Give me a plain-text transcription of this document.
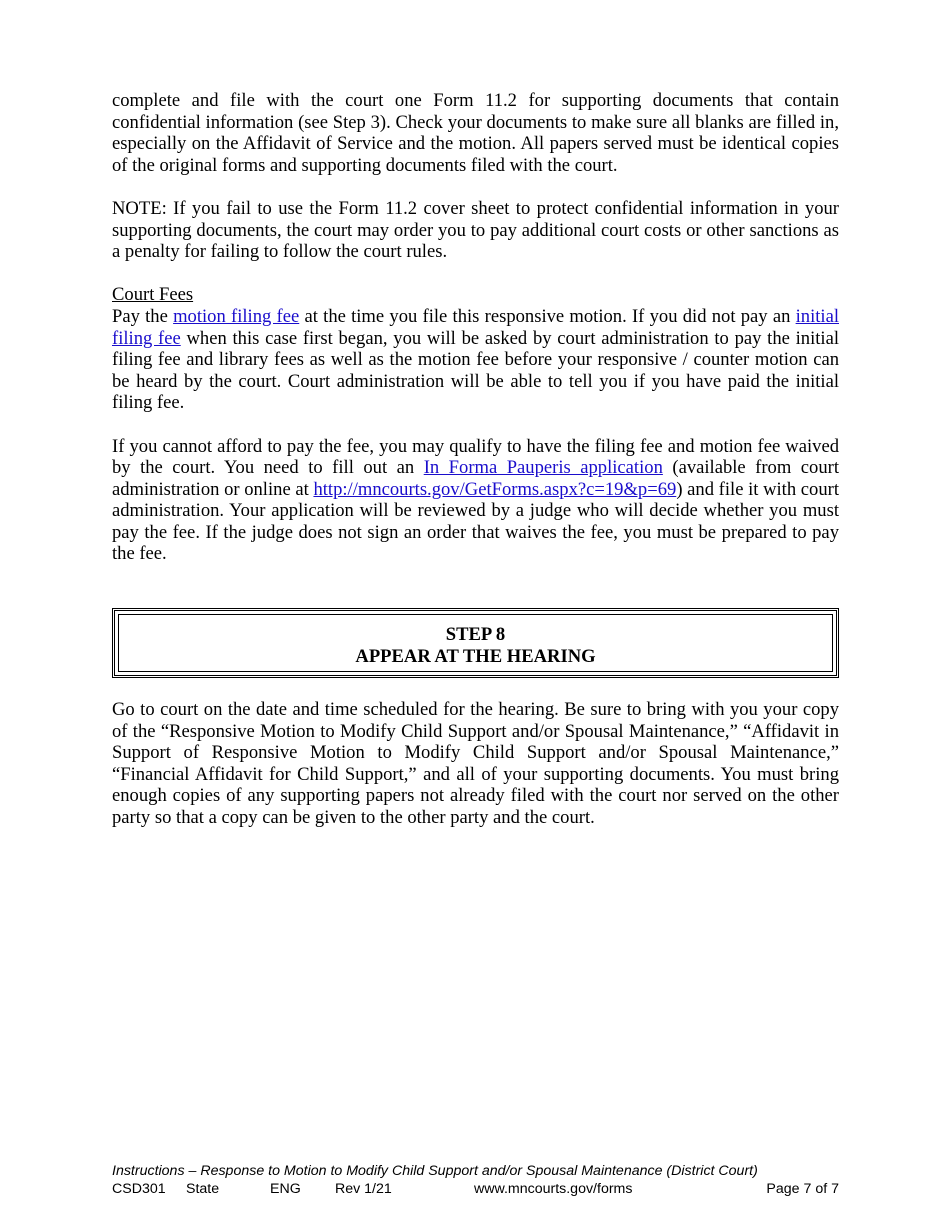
complete and file with the court one Form 11.2 for supporting documents that contain confidential information (see Step 3). Check your documents to make sure all blanks are filled in, especially on the Affidavit of Service and the motion. All papers served must be identical copies of the original forms and supporting documents filed with the court.

NOTE: If you fail to use the Form 11.2 cover sheet to protect confidential information in your supporting documents, the court may order you to pay additional court costs or other sanctions as a penalty for failing to follow the court rules.

Court Fees
Pay the motion filing fee at the time you file this responsive motion. If you did not pay an initial filing fee when this case first began, you will be asked by court administration to pay the initial filing fee and library fees as well as the motion fee before your responsive / counter motion can be heard by the court. Court administration will be able to tell you if you have paid the initial filing fee.

If you cannot afford to pay the fee, you may qualify to have the filing fee and motion fee waived by the court. You need to fill out an In Forma Pauperis application (available from court administration or online at http://mncourts.gov/GetForms.aspx?c=19&p=69) and file it with court administration. Your application will be reviewed by a judge who will decide whether you must pay the fee. If the judge does not sign an order that waives the fee, you must be prepared to pay the fee.

STEP 8
APPEAR AT THE HEARING

Go to court on the date and time scheduled for the hearing. Be sure to bring with you your copy of the “Responsive Motion to Modify Child Support and/or Spousal Maintenance,” “Affidavit in Support of Responsive Motion to Modify Child Support and/or Spousal Maintenance,” “Financial Affidavit for Child Support,” and all of your supporting documents. You must bring enough copies of any supporting papers not already filed with the court nor served on the other party so that a copy can be given to the other party and the court.

Instructions – Response to Motion to Modify Child Support and/or Spousal Maintenance (District Court)
CSD301 State	ENG Rev 1/21	www.mncourts.gov/forms	Page 7 of 7
